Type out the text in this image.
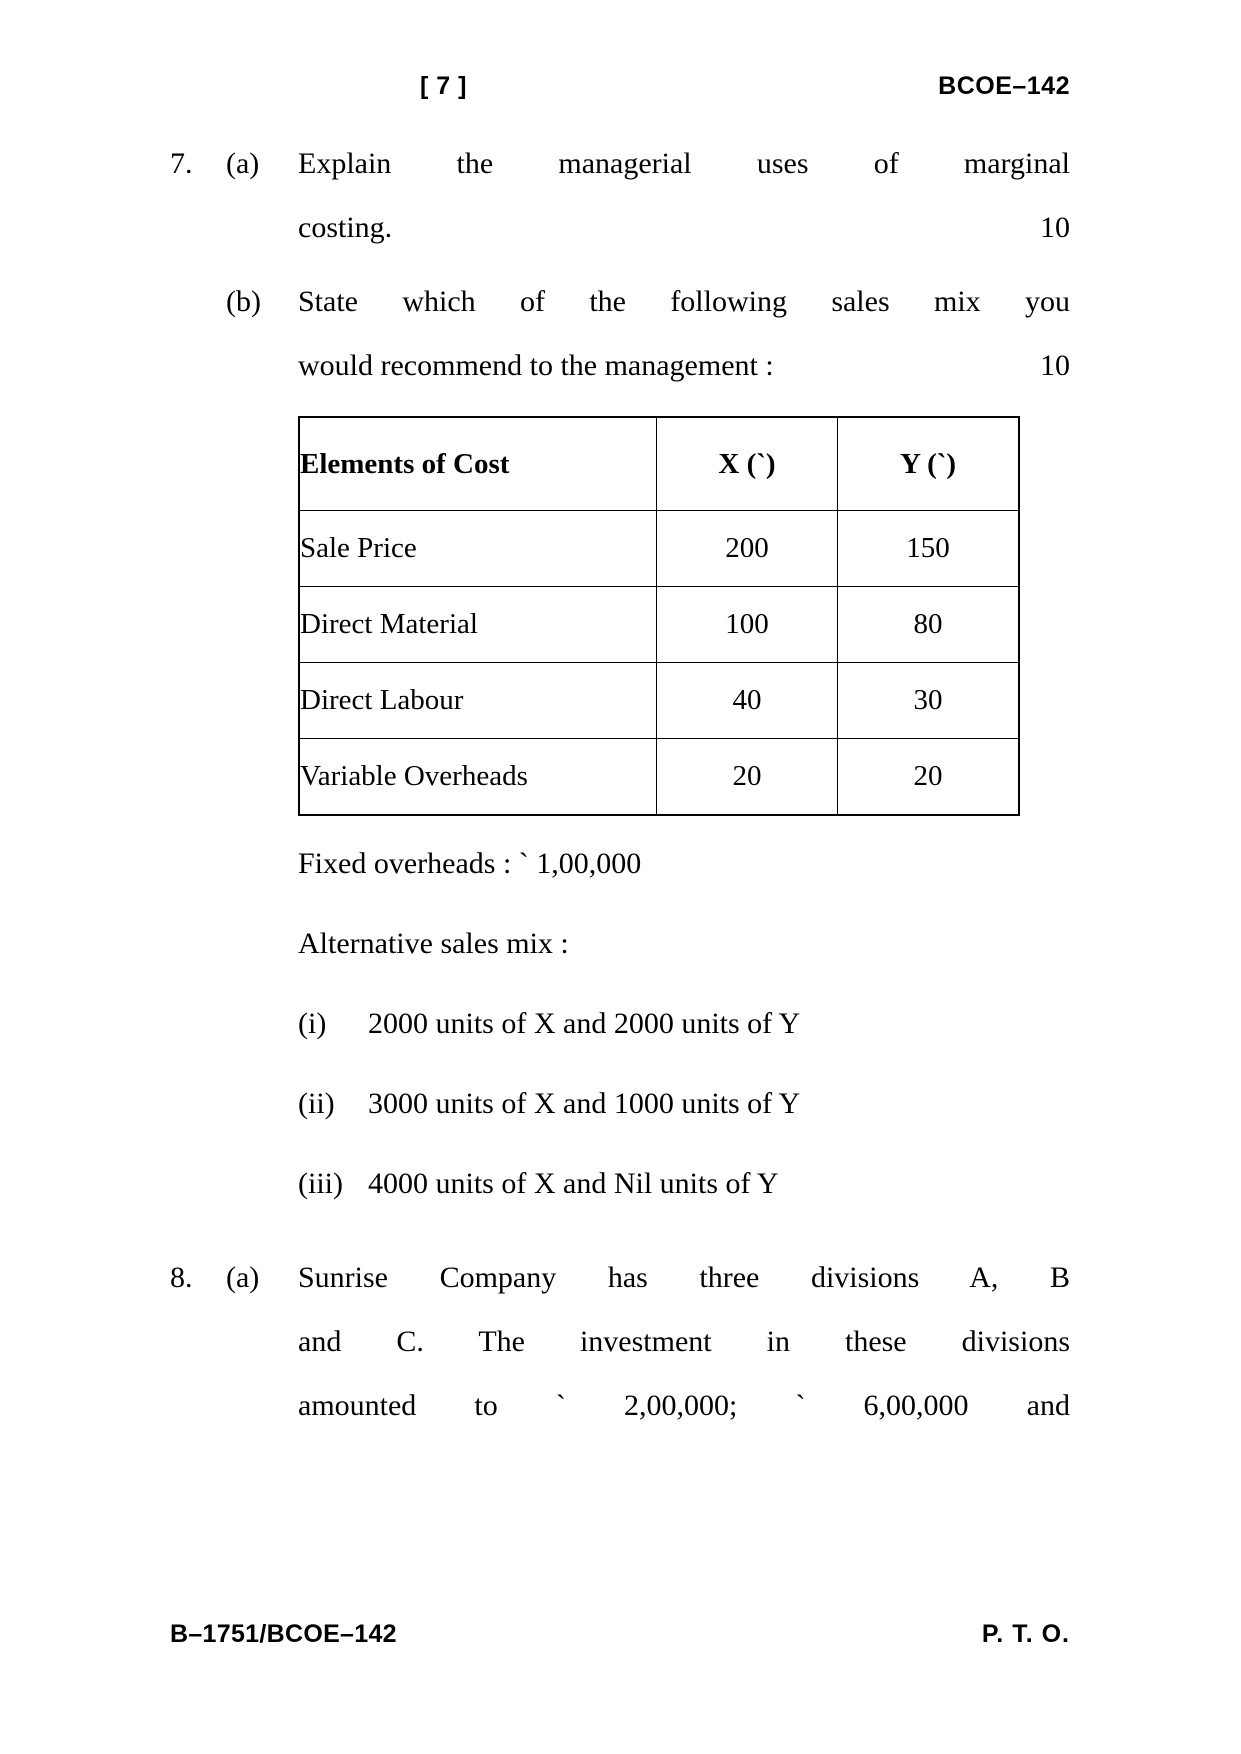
[ 7 ]	BCOE–142
7.	(a)	Explain the managerial uses of marginal
costing.	10
(b)	State which of the following sales mix you
would recommend to the management :	10
Elements of Cost	X (`)	Y (`)
Sale Price	200	150
Direct Material	100	80
Direct Labour	40	30
Variable Overheads	20	20
Fixed overheads : ` 1,00,000
Alternative sales mix :
(i)	2000 units of X and 2000 units of Y
(ii)	3000 units of X and 1000 units of Y
(iii) 4000 units of X and Nil units of Y
8.	(a)	Sunrise Company has three divisions A, B
and C. The investment in these divisions
amounted to ` 2,00,000; ` 6,00,000 and
B–1751/BCOE–142	P. T. O.
